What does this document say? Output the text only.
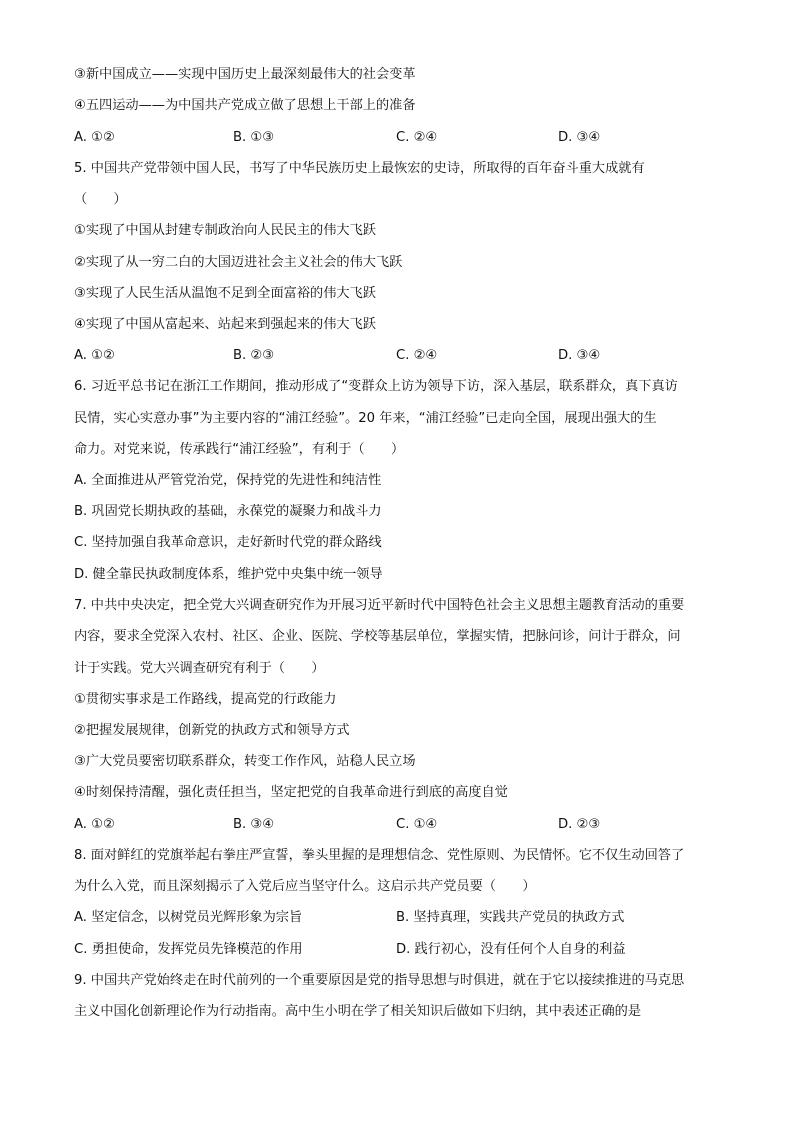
③新中国成立——实现中国历史上最深刻最伟大的社会变革
④五四运动——为中国共产党成立做了思想上干部上的准备
A. ①②	B. ①③	C. ②④	D. ③④
5. 中国共产党带领中国人民，书写了中华民族历史上最恢宏的史诗，所取得的百年奋斗重大成就有
（　　）
①实现了中国从封建专制政治向人民民主的伟大飞跃
②实现了从一穷二白的大国迈进社会主义社会的伟大飞跃
③实现了人民生活从温饱不足到全面富裕的伟大飞跃
④实现了中国从富起来、站起来到强起来的伟大飞跃
A. ①②	B. ②③	C. ②④	D. ③④
6. 习近平总书记在浙江工作期间，推动形成了“变群众上访为领导下访，深入基层，联系群众，真下真访
民情，实心实意办事”为主要内容的“浦江经验”。20 年来，“浦江经验”已走向全国，展现出强大的生
命力。对党来说，传承践行“浦江经验”，有利于（　　）
A. 全面推进从严管党治党，保持党的先进性和纯洁性
B. 巩固党长期执政的基础，永葆党的凝聚力和战斗力
C. 坚持加强自我革命意识，走好新时代党的群众路线
D. 健全靠民执政制度体系，维护党中央集中统一领导
7. 中共中央决定，把全党大兴调查研究作为开展习近平新时代中国特色社会主义思想主题教育活动的重要
内容，要求全党深入农村、社区、企业、医院、学校等基层单位，掌握实情，把脉问诊，问计于群众，问
计于实践。党大兴调查研究有利于（　　）
①贯彻实事求是工作路线，提高党的行政能力
②把握发展规律，创新党的执政方式和领导方式
③广大党员要密切联系群众，转变工作作风，站稳人民立场
④时刻保持清醒，强化责任担当，坚定把党的自我革命进行到底的高度自觉
A. ①②	B. ③④	C. ①④	D. ②③
8. 面对鲜红的党旗举起右拳庄严宣誓，拳头里握的是理想信念、党性原则、为民情怀。它不仅生动回答了
为什么入党，而且深刻揭示了入党后应当坚守什么。这启示共产党员要（　　）
A. 坚定信念，以树党员光辉形象为宗旨	B. 坚持真理，实践共产党员的执政方式
C. 勇担使命，发挥党员先锋模范的作用	D. 践行初心，没有任何个人自身的利益
9. 中国共产党始终走在时代前列的一个重要原因是党的指导思想与时俱进，就在于它以接续推进的马克思
主义中国化创新理论作为行动指南。高中生小明在学了相关知识后做如下归纳，其中表述正确的是
